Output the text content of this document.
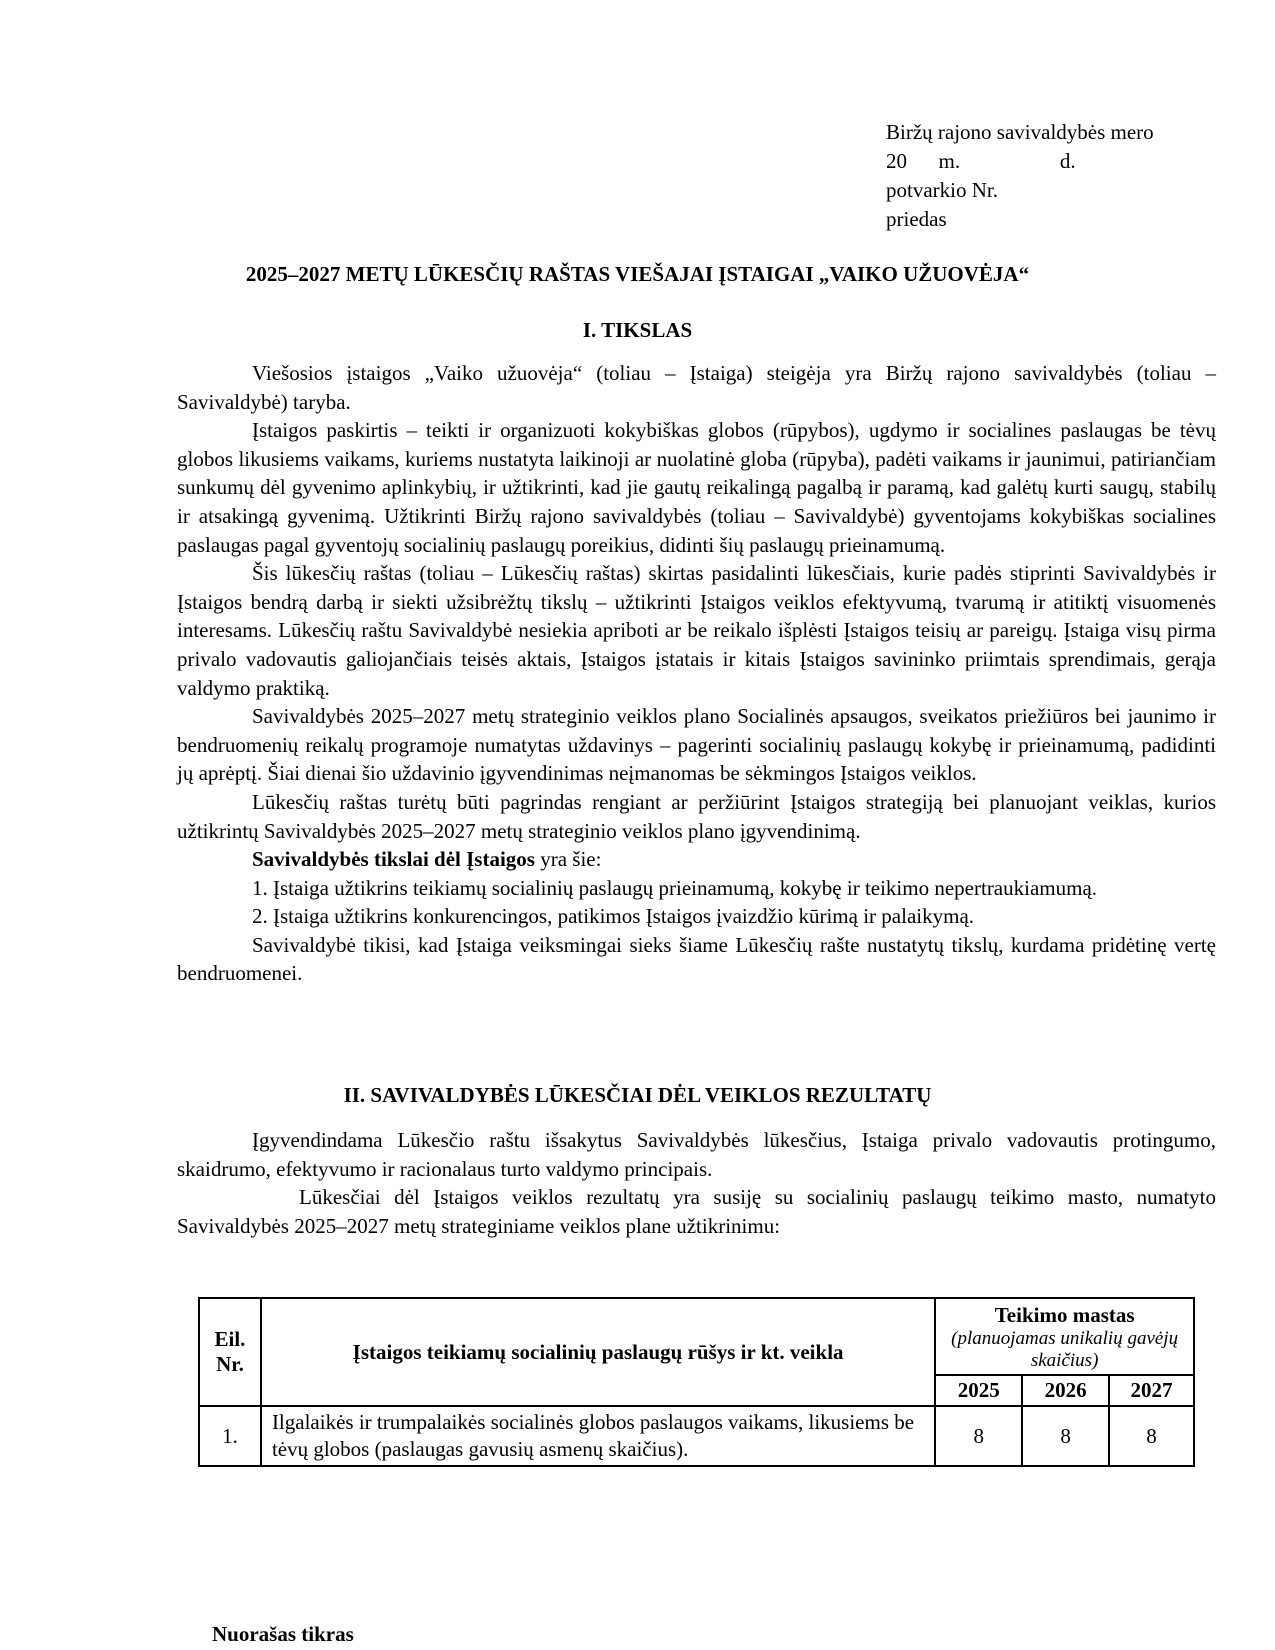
Biržų rajono savivaldybės mero
20      m.                   d.
potvarkio Nr.
priedas
2025–2027 METŲ LŪKESČIŲ RAŠTAS VIEŠAJAI ĮSTAIGAI „VAIKO UŽUOVĖJA“
I. TIKSLAS

Viešosios įstaigos „Vaiko užuovėja“ (toliau – Įstaiga) steigėja yra Biržų rajono savivaldybės (toliau – Savivaldybė) taryba.

Įstaigos paskirtis – teikti ir organizuoti kokybiškas globos (rūpybos), ugdymo ir socialines paslaugas be tėvų globos likusiems vaikams, kuriems nustatyta laikinoji ar nuolatinė globa (rūpyba), padėti vaikams ir jaunimui, patiriančiam sunkumų dėl gyvenimo aplinkybių, ir užtikrinti, kad jie gautų reikalingą pagalbą ir paramą, kad galėtų kurti saugų, stabilų ir atsakingą gyvenimą. Užtikrinti Biržų rajono savivaldybės (toliau – Savivaldybė) gyventojams kokybiškas socialines paslaugas pagal gyventojų socialinių paslaugų poreikius, didinti šių paslaugų prieinamumą.

Šis lūkesčių raštas (toliau – Lūkesčių raštas) skirtas pasidalinti lūkesčiais, kurie padės stiprinti Savivaldybės ir Įstaigos bendrą darbą ir siekti užsibrėžtų tikslų – užtikrinti Įstaigos veiklos efektyvumą, tvarumą ir atitiktį visuomenės interesams. Lūkesčių raštu Savivaldybė nesiekia apriboti ar be reikalo išplėsti Įstaigos teisių ar pareigų. Įstaiga visų pirma privalo vadovautis galiojančiais teisės aktais, Įstaigos įstatais ir kitais Įstaigos savininko priimtais sprendimais, gerąja valdymo praktiką.

Savivaldybės 2025–2027 metų strateginio veiklos plano Socialinės apsaugos, sveikatos priežiūros bei jaunimo ir bendruomenių reikalų programoje numatytas uždavinys – pagerinti socialinių paslaugų kokybę ir prieinamumą, padidinti jų aprėptį. Šiai dienai šio uždavinio įgyvendinimas neįmanomas be sėkmingos Įstaigos veiklos.

Lūkesčių raštas turėtų būti pagrindas rengiant ar peržiūrint Įstaigos strategiją bei planuojant veiklas, kurios užtikrintų Savivaldybės 2025–2027 metų strateginio veiklos plano įgyvendinimą.

Savivaldybės tikslai dėl Įstaigos yra šie:

1. Įstaiga užtikrins teikiamų socialinių paslaugų prieinamumą, kokybę ir teikimo nepertraukiamumą.

2. Įstaiga užtikrins konkurencingos, patikimos Įstaigos įvaizdžio kūrimą ir palaikymą.

Savivaldybė tikisi, kad Įstaiga veiksmingai sieks šiame Lūkesčių rašte nustatytų tikslų, kurdama pridėtinę vertę bendruomenei.

II. SAVIVALDYBĖS LŪKESČIAI DĖL VEIKLOS REZULTATŲ

Įgyvendindama Lūkesčio raštu išsakytus Savivaldybės lūkesčius, Įstaiga privalo vadovautis protingumo, skaidrumo, efektyvumo ir racionalaus turto valdymo principais.

Lūkesčiai dėl Įstaigos veiklos rezultatų yra susiję su socialinių paslaugų teikimo masto, numatyto Savivaldybės 2025–2027 metų strateginiame veiklos plane užtikrinimu:

Eil.
Nr.	Įstaigos teikiamų socialinių paslaugų rūšys ir kt. veikla	Teikimo mastas
(planuojamas unikalių gavėjų skaičius)		

		2025	2026	2027
1.	Ilgalaikės ir trumpalaikės socialinės globos paslaugos vaikams, likusiems be tėvų globos (paslaugas gavusių asmenų skaičius).	8	8	8
Nuorašas tikras
